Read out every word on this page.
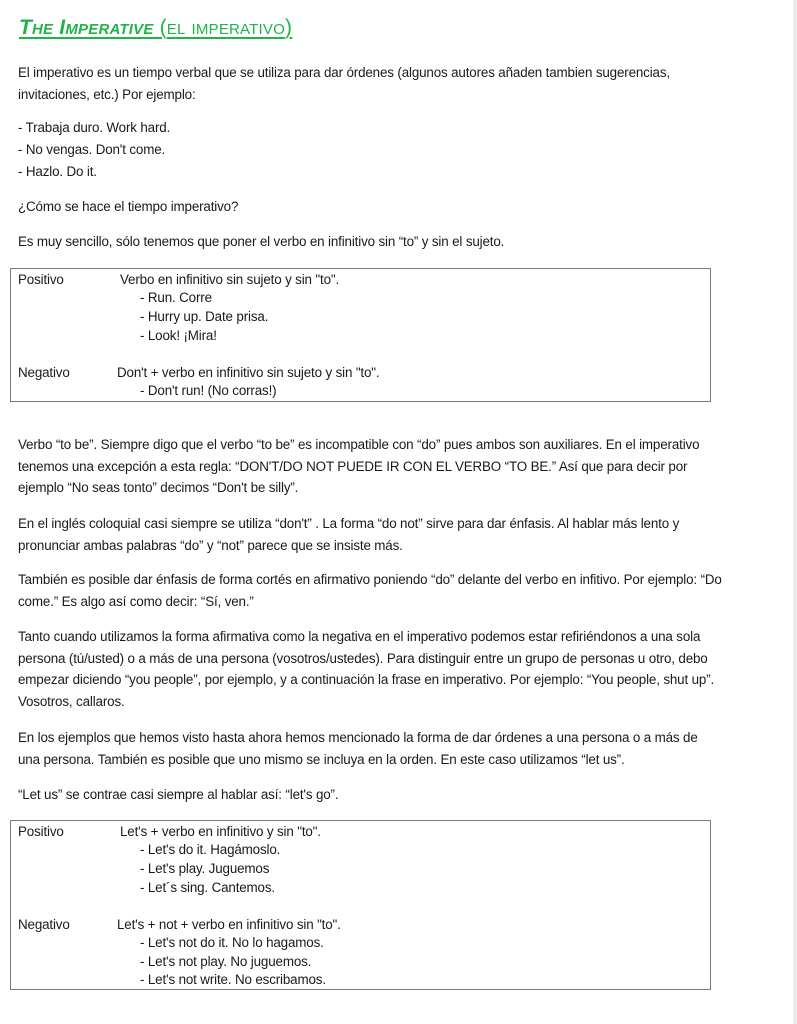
The Imperative (el imperativo)

El imperativo es un tiempo verbal que se utiliza para dar órdenes (algunos autores añaden tambien sugerencias, invitaciones, etc.) Por ejemplo:

- Trabaja duro. Work hard.

- No vengas. Don't come.

- Hazlo. Do it.

¿Cómo se hace el tiempo imperativo?

Es muy sencillo, sólo tenemos que poner el verbo en infinitivo sin “to” y sin el sujeto.

Positivo	Verbo en infinitivo sin sujeto y sin "to".
- Run. Corre
- Hurry up. Date prisa.
- Look! ¡Mira!
Negativo	Don't + verbo en infinitivo sin sujeto y sin "to".
- Don't run! (No corras!)

Verbo “to be”. Siempre digo que el verbo “to be” es incompatible con “do” pues ambos son auxiliares. En el imperativo tenemos una excepción a esta regla: “DON'T/DO NOT PUEDE IR CON EL VERBO “TO BE.” Así que para decir por ejemplo “No seas tonto” decimos “Don't be silly”.

En el inglés coloquial casi siempre se utiliza “don't” . La forma “do not” sirve para dar énfasis. Al hablar más lento y pronunciar ambas palabras “do” y “not” parece que se insiste más.

También es posible dar énfasis de forma cortés en afirmativo poniendo “do” delante del verbo en infitivo. Por ejemplo: “Do come.” Es algo así como decir: “Sí, ven.”

Tanto cuando utilizamos la forma afirmativa como la negativa en el imperativo podemos estar refiriéndonos a una sola persona (tú/usted) o a más de una persona (vosotros/ustedes). Para distinguir entre un grupo de personas u otro, debo empezar diciendo “you people”, por ejemplo, y a continuación la frase en imperativo. Por ejemplo: “You people, shut up”. Vosotros, callaros.

En los ejemplos que hemos visto hasta ahora hemos mencionado la forma de dar órdenes a una persona o a más de una persona. También es posible que uno mismo se incluya en la orden. En este caso utilizamos “let us”.

“Let us” se contrae casi siempre al hablar así: “let's go”.

Positivo	Let's + verbo en infinitivo y sin "to".
- Let's do it. Hagámoslo.
- Let's play. Juguemos
- Let´s sing. Cantemos.
Negativo	Let's + not + verbo en infinitivo sin "to".
- Let's not do it. No lo hagamos.
- Let's not play. No juguemos.
- Let's not write. No escribamos.
